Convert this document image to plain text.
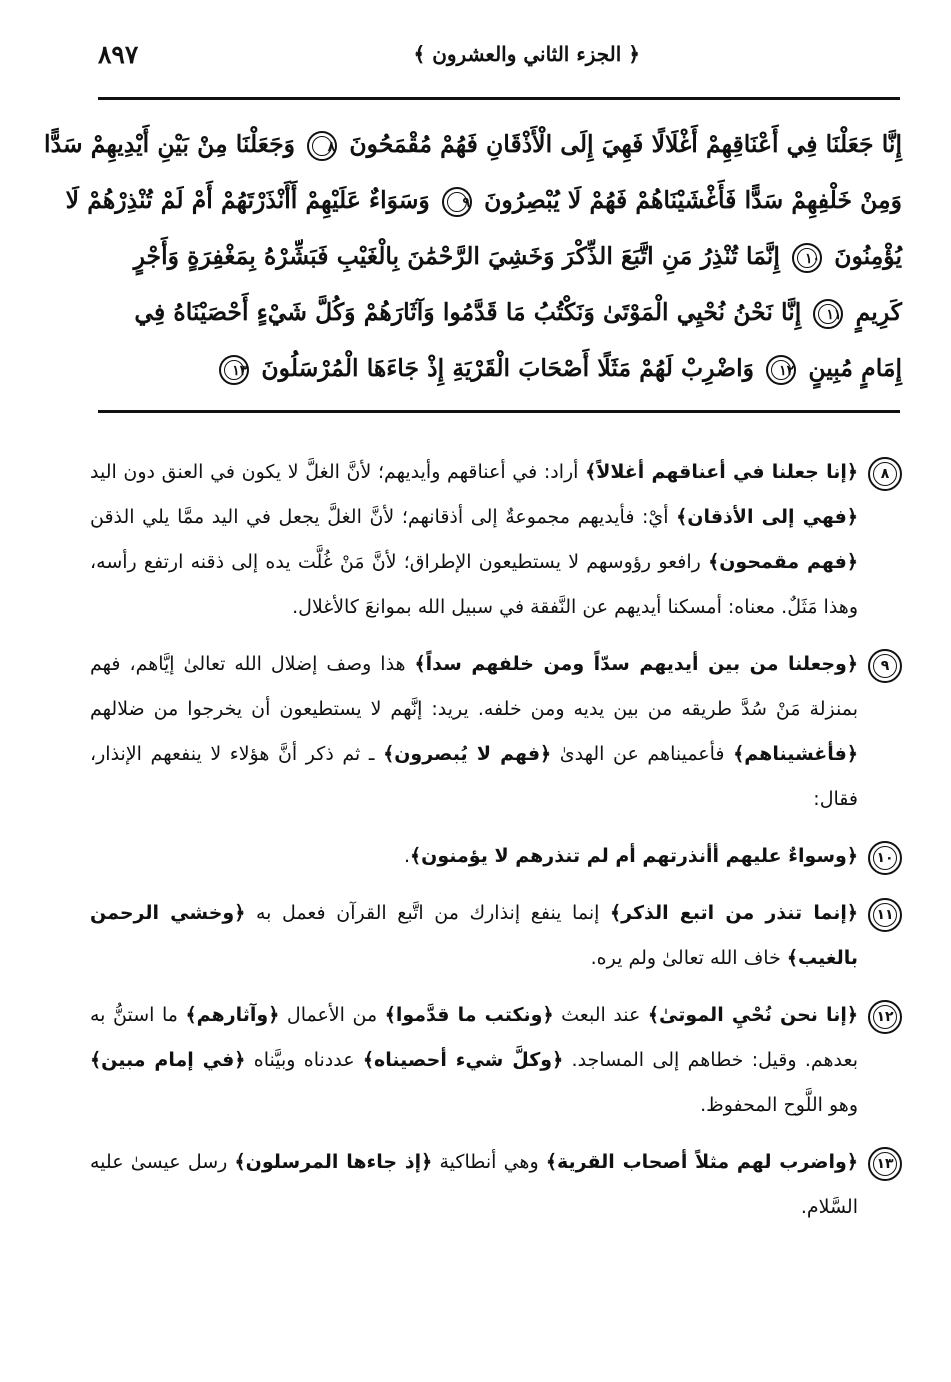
٨٩٧	﴿ الجزء الثاني والعشرون ﴾
إِنَّا جَعَلْنَا فِي أَعْنَاقِهِمْ أَغْلَالًا فَهِيَ إِلَى الْأَذْقَانِ فَهُمْ مُقْمَحُونَ ٨ وَجَعَلْنَا مِنْ بَيْنِ أَيْدِيهِمْ سَدًّا
وَمِنْ خَلْفِهِمْ سَدًّا فَأَغْشَيْنَاهُمْ فَهُمْ لَا يُبْصِرُونَ ٩ وَسَوَاءٌ عَلَيْهِمْ أَأَنْذَرْتَهُمْ أَمْ لَمْ تُنْذِرْهُمْ لَا
يُؤْمِنُونَ ١٠ إِنَّمَا تُنْذِرُ مَنِ اتَّبَعَ الذِّكْرَ وَخَشِيَ الرَّحْمَٰنَ بِالْغَيْبِ فَبَشِّرْهُ بِمَغْفِرَةٍ وَأَجْرٍ
كَرِيمٍ ١١ إِنَّا نَحْنُ نُحْيِي الْمَوْتَىٰ وَنَكْتُبُ مَا قَدَّمُوا وَآثَارَهُمْ وَكُلَّ شَيْءٍ أَحْصَيْنَاهُ فِي
إِمَامٍ مُبِينٍ ١٢ وَاضْرِبْ لَهُمْ مَثَلًا أَصْحَابَ الْقَرْيَةِ إِذْ جَاءَهَا الْمُرْسَلُونَ ١٣
٨
﴿إنا جعلنا في أعناقهم أغلالاً﴾ أراد: في أعناقهم وأيديهم؛ لأنَّ الغلَّ لا يكون في العنق دون اليد ﴿فهي إلى الأذقان﴾ أيْ: فأيديهم مجموعةٌ إلى أذقانهم؛ لأنَّ الغلَّ يجعل في اليد ممَّا يلي الذقن ﴿فهم مقمحون﴾ رافعو رؤوسهم لا يستطيعون الإطراق؛ لأنَّ مَنْ غُلَّت يده إلى ذقنه ارتفع رأسه، وهذا مَثَلٌ. معناه: أمسكنا أيديهم عن النَّفقة في سبيل الله بموانعَ كالأغلال.
٩
﴿وجعلنا من بين أيديهم سدّاً ومن خلفهم سداً﴾ هذا وصف إضلال الله تعالىٰ إيَّاهم، فهم بمنزلة مَنْ سُدَّ طريقه من بين يديه ومن خلفه. يريد: إنَّهم لا يستطيعون أن يخرجوا من ضلالهم ﴿فأغشيناهم﴾ فأعميناهم عن الهدىٰ ﴿فهم لا يُبصرون﴾ ـ ثم ذكر أنَّ هؤلاء لا ينفعهم الإنذار، فقال:
١٠
﴿وسواءٌ عليهم أأنذرتهم أم لم تنذرهم لا يؤمنون﴾.
١١
﴿إنما تنذر من اتبع الذكر﴾ إنما ينفع إنذارك من اتَّبع القرآن فعمل به ﴿وخشي الرحمن بالغيب﴾ خاف الله تعالىٰ ولم يره.
١٢
﴿إنا نحن نُحْيِ الموتىٰ﴾ عند البعث ﴿ونكتب ما قدَّموا﴾ من الأعمال ﴿وآثارهم﴾ ما استنُّ به بعدهم. وقيل: خطاهم إلى المساجد. ﴿وكلَّ شيء أحصيناه﴾ عددناه وبيَّناه ﴿في إمام مبين﴾ وهو اللَّوح المحفوظ.
١٣
﴿واضرب لهم مثلاً أصحاب القرية﴾ وهي أنطاكية ﴿إذ جاءها المرسلون﴾ رسل عيسىٰ عليه السَّلام.
